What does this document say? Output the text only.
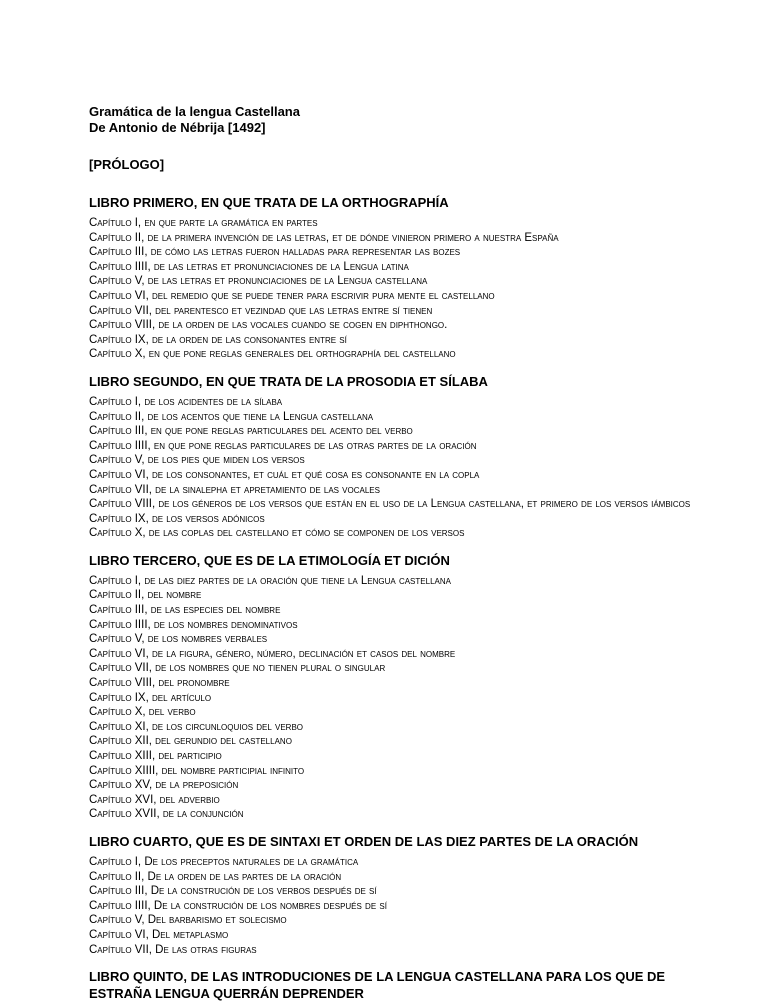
Gramática de la lengua Castellana
De Antonio de Nébrija [1492]
[PRÓLOGO]
LIBRO PRIMERO, EN QUE TRATA DE LA ORTHOGRAPHÍA
Capítulo I, en que parte la gramática en partes
Capítulo II, de la primera invención de las letras, et de dónde vinieron primero a nuestra España
Capítulo III, de cómo las letras fueron halladas para representar las bozes
Capítulo IIII, de las letras et pronunciaciones de la Lengua latina
Capítulo V, de las letras et pronunciaciones de la Lengua castellana
Capítulo VI, del remedio que se puede tener para escrivir pura mente el castellano
Capítulo VII, del parentesco et vezindad que las letras entre sí tienen
Capítulo VIII, de la orden de las vocales cuando se cogen en diphthongo.
Capítulo IX, de la orden de las consonantes entre sí
Capítulo X, en que pone reglas generales del orthographía del castellano
LIBRO SEGUNDO, EN QUE TRATA DE LA PROSODIA ET SÍLABA
Capítulo I, de los acidentes de la sílaba
Capítulo II, de los acentos que tiene la Lengua castellana
Capítulo III, en que pone reglas particulares del acento del verbo
Capítulo IIII, en que pone reglas particulares de las otras partes de la oración
Capítulo V, de los pies que miden los versos
Capítulo VI, de los consonantes, et cuál et qué cosa es consonante en la copla
Capítulo VII, de la sinalepha et apretamiento de las vocales
Capítulo VIII, de los géneros de los versos que están en el uso de la Lengua castellana, et primero de los versos iámbicos
Capítulo IX, de los versos adónicos
Capítulo X, de las coplas del castellano et cómo se componen de los versos
LIBRO TERCERO, QUE ES DE LA ETIMOLOGÍA ET DICIÓN
Capítulo I, de las diez partes de la oración que tiene la Lengua castellana
Capítulo II, del nombre
Capítulo III, de las especies del nombre
Capítulo IIII, de los nombres denominativos
Capítulo V, de los nombres verbales
Capítulo VI, de la figura, género, número, declinación et casos del nombre
Capítulo VII, de los nombres que no tienen plural o singular
Capítulo VIII, del pronombre
Capítulo IX, del artículo
Capítulo X, del verbo
Capítulo XI, de los circunloquios del verbo
Capítulo XII, del gerundio del castellano
Capítulo XIII, del participio
Capítulo XIIII, del nombre participial infinito
Capítulo XV, de la preposición
Capítulo XVI, del adverbio
Capítulo XVII, de la conjunción
LIBRO CUARTO, QUE ES DE SINTAXI ET ORDEN DE LAS DIEZ PARTES DE LA ORACIÓN
Capítulo I, De los preceptos naturales de la gramática
Capítulo II, De la orden de las partes de la oración
Capítulo III, De la construción de los verbos después de sí
Capítulo IIII, De la construción de los nombres después de sí
Capítulo V, Del barbarismo et solecismo
Capítulo VI, Del metaplasmo
Capítulo VII, De las otras figuras
LIBRO QUINTO, DE LAS INTRODUCIONES DE LA LENGUA CASTELLANA PARA LOS QUE DE ESTRAÑA LENGUA QUERRÁN DEPRENDER
